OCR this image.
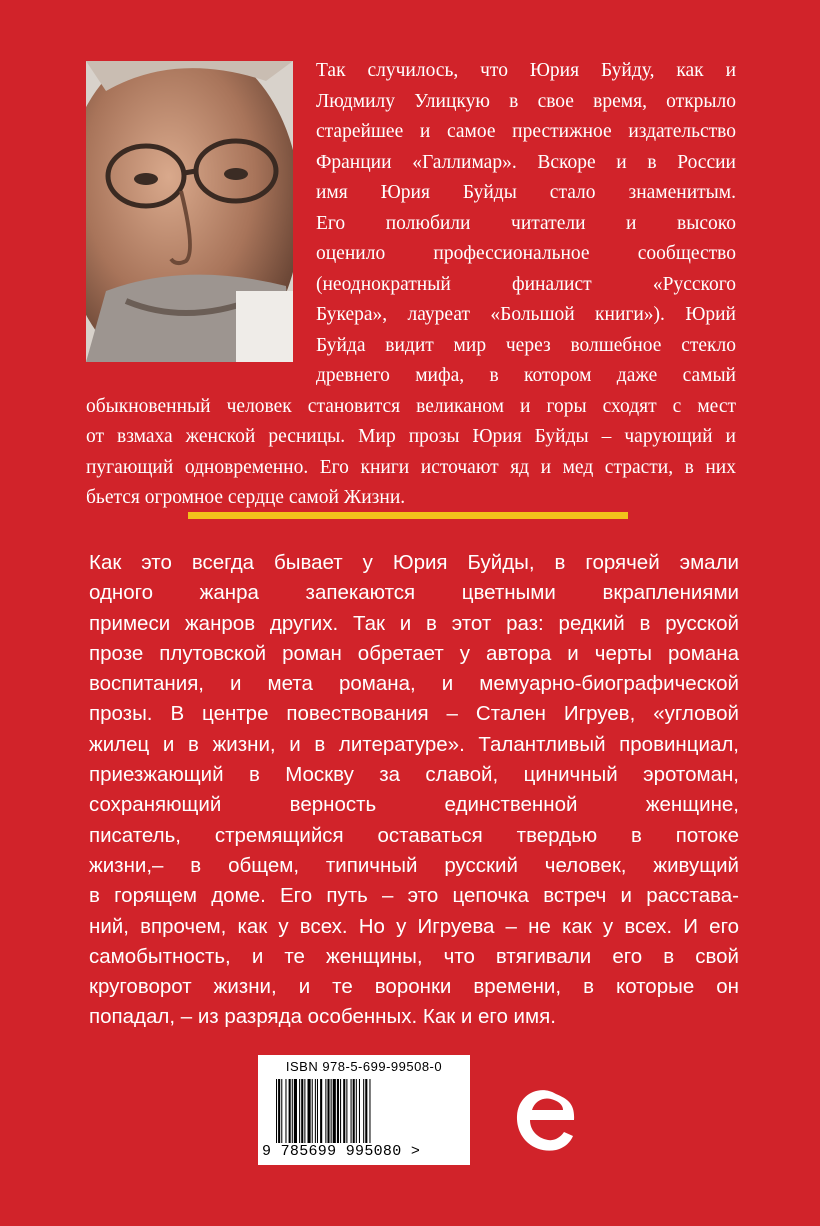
Так случилось, что Юрия Буйду, как и
Людмилу Улицкую в свое время, открыло
старейшее и самое престижное издательство
Франции «Галлимар». Вскоре и в России
имя Юрия Буйды стало знаменитым.
Его полюбили читатели и высоко
оценило профессиональное сообщество
(неоднократный финалист «Русского
Букера», лауреат «Большой книги»). Юрий
Буйда видит мир через волшебное стекло
древнего мифа, в котором даже самый
обыкновенный человек становится великаном и горы сходят с мест
от взмаха женской ресницы. Мир прозы Юрия Буйды – чарующий и
пугающий одновременно. Его книги источают яд и мед страсти, в них
бьется огромное сердце самой Жизни.
Как это всегда бывает у Юрия Буйды, в горячей эмали
одного жанра запекаются цветными вкраплениями
примеси жанров других. Так и в этот раз: редкий в русской
прозе плутовской роман обретает у автора и черты романа
воспитания, и мета романа, и мемуарно-биографической
прозы. В центре повествования – Сталeн Игруев, «угловой
жилец и в жизни, и в литературе». Талантливый провинциал,
приезжающий в Москву за славой, циничный эротоман,
сохраняющий верность единственной женщине,
писатель, стремящийся оставаться твердью в потоке
жизни,– в общем, типичный русский человек, живущий
в горящем доме. Его путь – это цепочка встреч и расстава-
ний, впрочем, как у всех. Но у Игруева – не как у всех. И его
самобытность, и те женщины, что втягивали его в свой
круговорот жизни, и те воронки времени, в которые он
попадал, – из разряда особенных. Как и его имя.
ISBN 978-5-699-99508-0
9 785699 995080 >
